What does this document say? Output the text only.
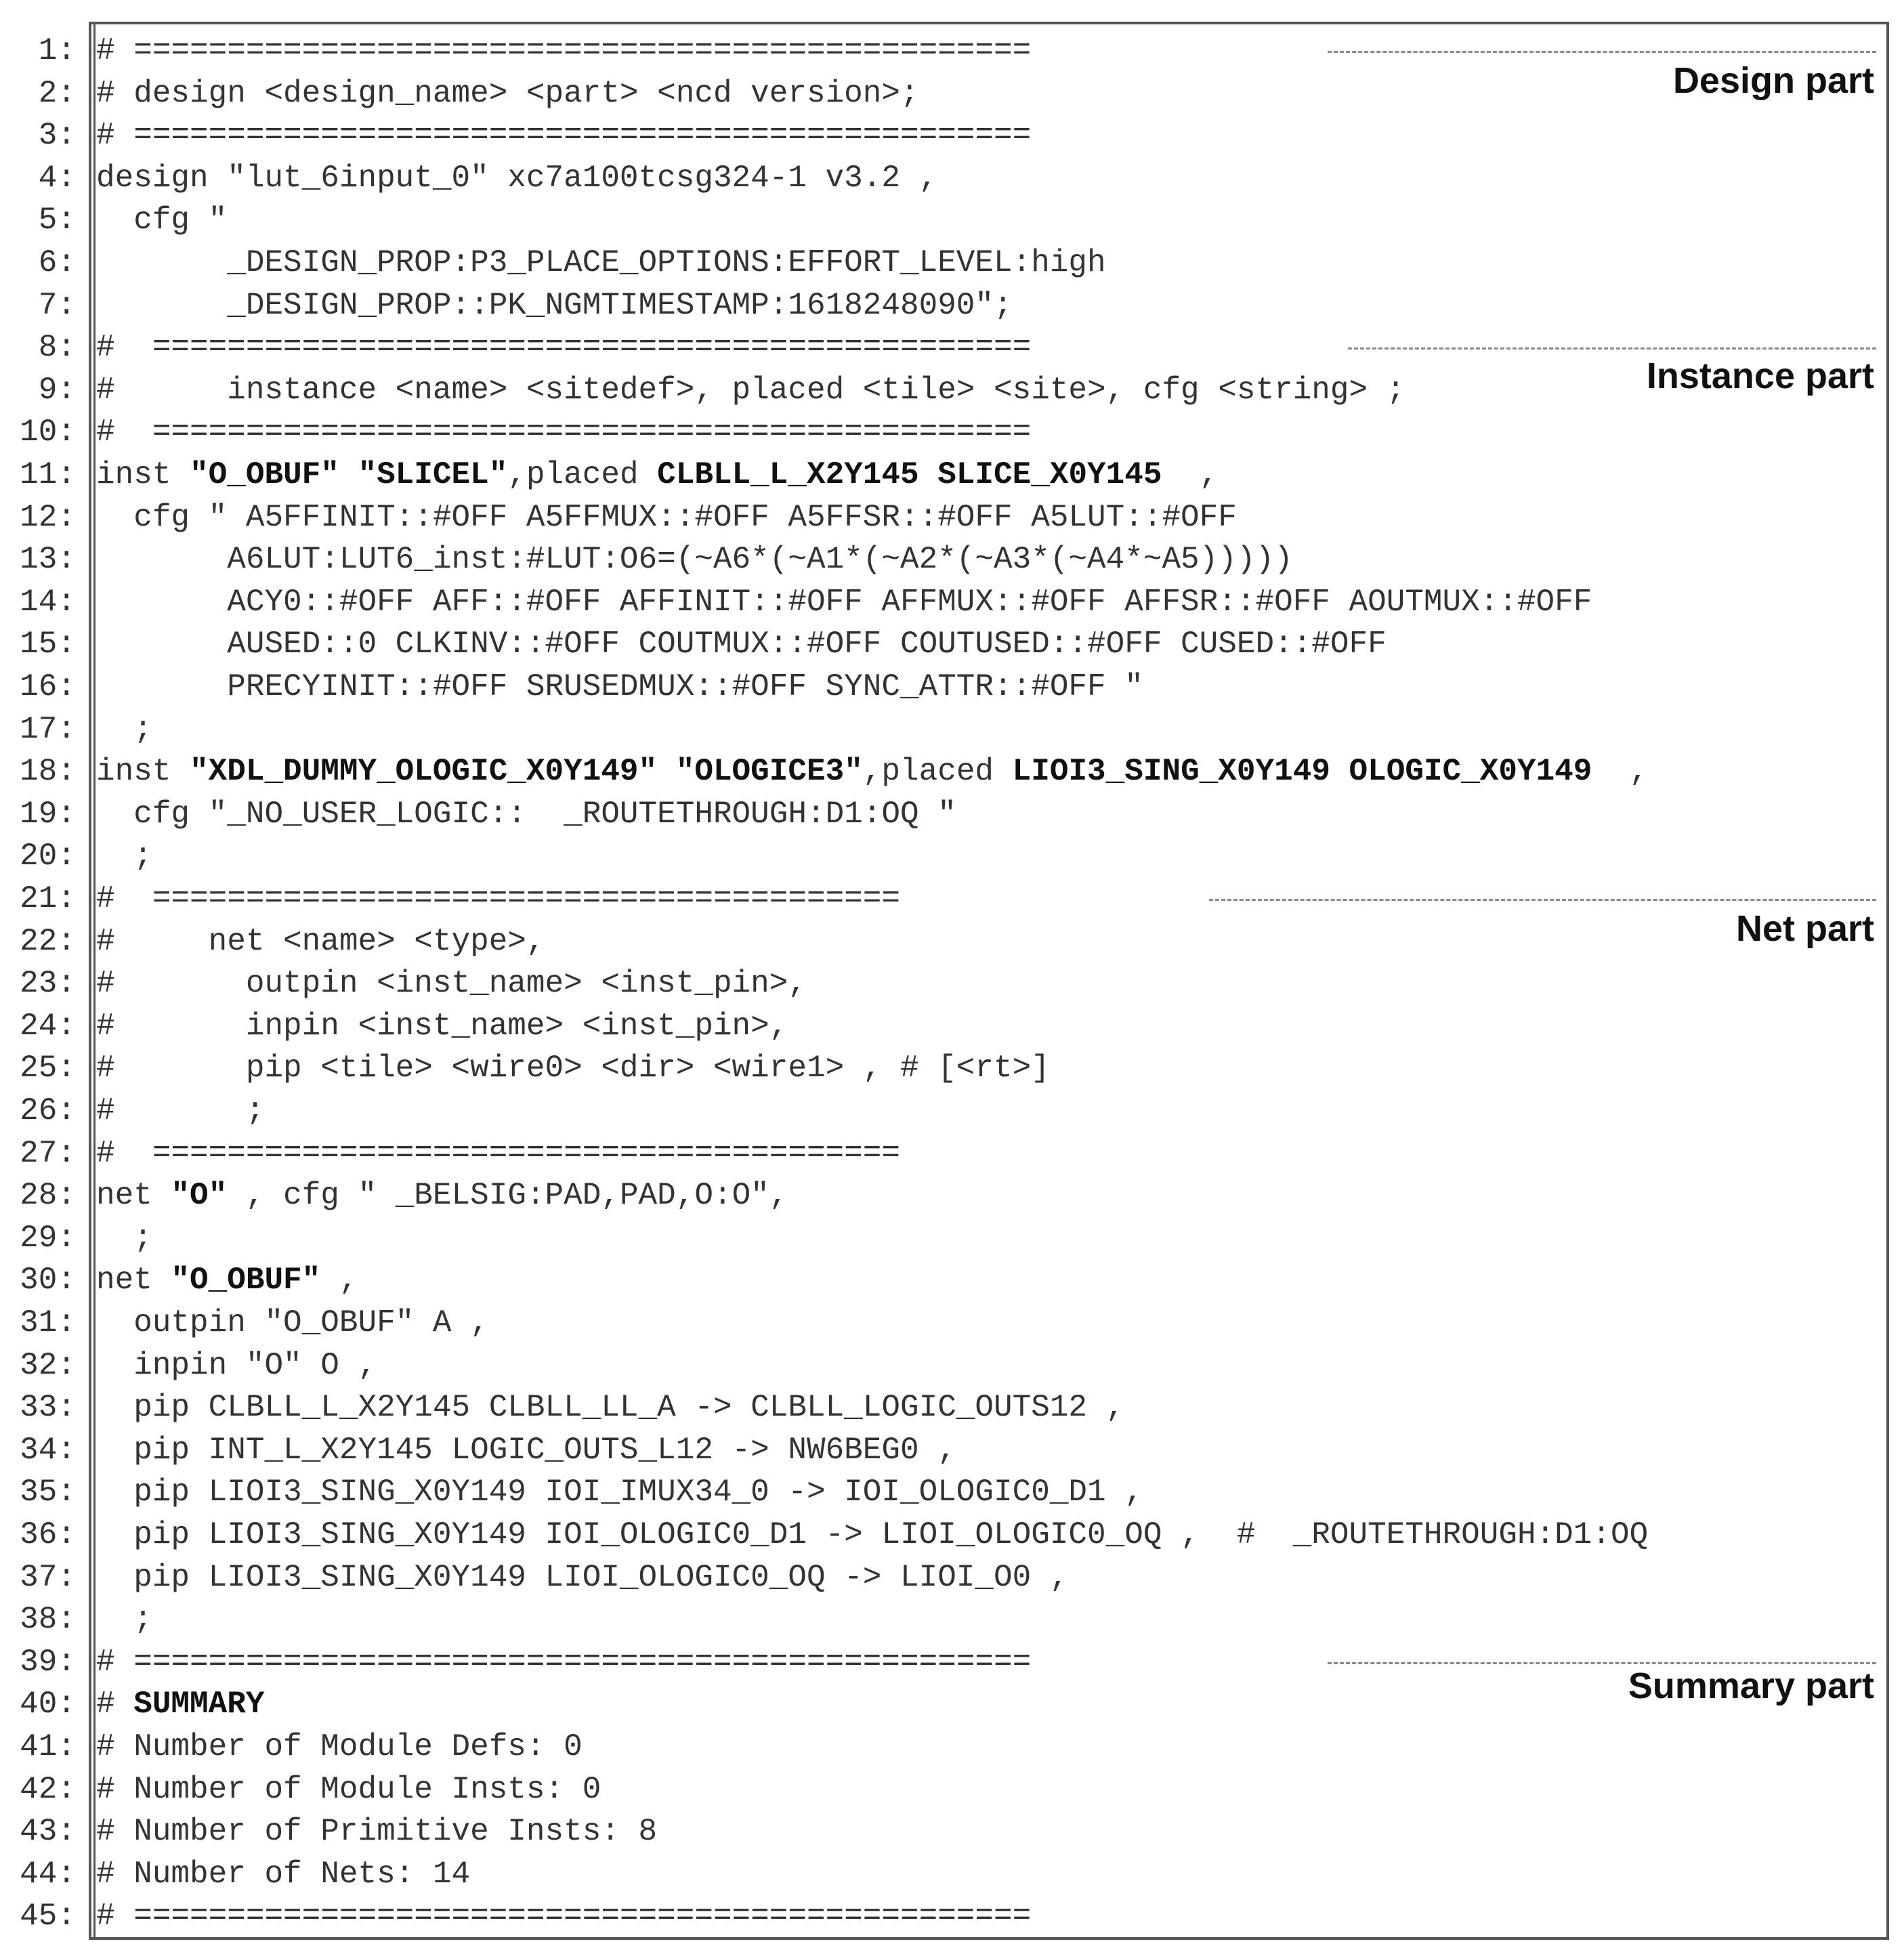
Design part
Instance part
Net part
Summary part
1: # ================================================
2: # design <design_name> <part> <ncd version>;
3: # ================================================
4: design "lut_6input_0" xc7a100tcsg324-1 v3.2 ,
5: cfg "
6: _DESIGN_PROP:P3_PLACE_OPTIONS:EFFORT_LEVEL:high
7: _DESIGN_PROP::PK_NGMTIMESTAMP:1618248090";
8: #  ===============================================
9: #      instance <name> <sitedef>, placed <tile> <site>, cfg <string> ;
10: #  ===============================================
11: inst "O_OBUF" "SLICEL",placed CLBLL_L_X2Y145 SLICE_X0Y145  ,
12: cfg " A5FFINIT::#OFF A5FFMUX::#OFF A5FFSR::#OFF A5LUT::#OFF
13: A6LUT:LUT6_inst:#LUT:O6=(~A6*(~A1*(~A2*(~A3*(~A4*~A5)))))
14: ACY0::#OFF AFF::#OFF AFFINIT::#OFF AFFMUX::#OFF AFFSR::#OFF AOUTMUX::#OFF
15: AUSED::0 CLKINV::#OFF COUTMUX::#OFF COUTUSED::#OFF CUSED::#OFF
16: PRECYINIT::#OFF SRUSEDMUX::#OFF SYNC_ATTR::#OFF "
17: ;
18: inst "XDL_DUMMY_OLOGIC_X0Y149" "OLOGICE3",placed LIOI3_SING_X0Y149 OLOGIC_X0Y149  ,
19: cfg "_NO_USER_LOGIC::  _ROUTETHROUGH:D1:OQ "
20: ;
21: #  ========================================
22: #     net <name> <type>,
23: #       outpin <inst_name> <inst_pin>,
24: #       inpin <inst_name> <inst_pin>,
25: #       pip <tile> <wire0> <dir> <wire1> , # [<rt>]
26: #       ;
27: #  ========================================
28: net "O" , cfg " _BELSIG:PAD,PAD,O:O",
29: ;
30: net "O_OBUF" ,
31: outpin "O_OBUF" A ,
32: inpin "O" O ,
33: pip CLBLL_L_X2Y145 CLBLL_LL_A -> CLBLL_LOGIC_OUTS12 ,
34: pip INT_L_X2Y145 LOGIC_OUTS_L12 -> NW6BEG0 ,
35: pip LIOI3_SING_X0Y149 IOI_IMUX34_0 -> IOI_OLOGIC0_D1 ,
36: pip LIOI3_SING_X0Y149 IOI_OLOGIC0_D1 -> LIOI_OLOGIC0_OQ ,  #  _ROUTETHROUGH:D1:OQ
37: pip LIOI3_SING_X0Y149 LIOI_OLOGIC0_OQ -> LIOI_O0 ,
38: ;
39: # ================================================
40: # SUMMARY
41: # Number of Module Defs: 0
42: # Number of Module Insts: 0
43: # Number of Primitive Insts: 8
44: # Number of Nets: 14
45: # ================================================
